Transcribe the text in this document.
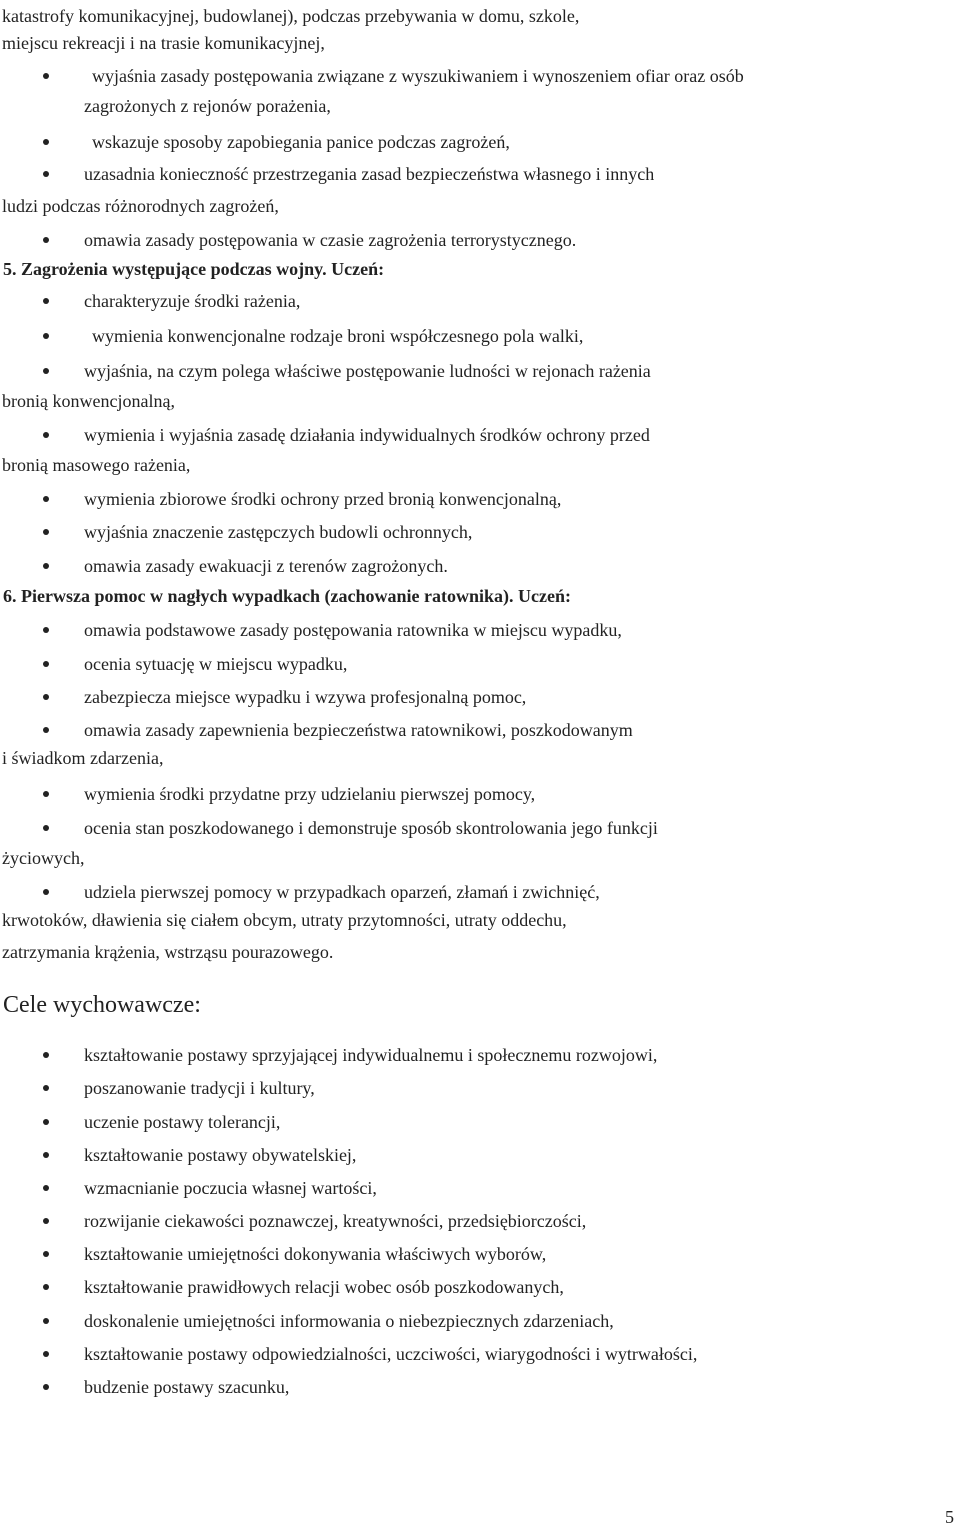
katastrofy komunikacyjnej, budowlanej), podczas przebywania w domu, szkole,
miejscu rekreacji i na trasie komunikacyjnej,
wyjaśnia zasady postępowania związane z wyszukiwaniem i wynoszeniem ofiar oraz osób
zagrożonych z rejonów porażenia,
wskazuje sposoby zapobiegania panice podczas zagrożeń,
uzasadnia konieczność przestrzegania zasad bezpieczeństwa własnego i innych
ludzi podczas różnorodnych zagrożeń,
omawia zasady postępowania w czasie zagrożenia terrorystycznego.
5. Zagrożenia występujące podczas wojny. Uczeń:
charakteryzuje środki rażenia,
wymienia konwencjonalne rodzaje broni współczesnego pola walki,
wyjaśnia, na czym polega właściwe postępowanie ludności w rejonach rażenia
bronią konwencjonalną,
wymienia i wyjaśnia zasadę działania indywidualnych środków ochrony przed
bronią masowego rażenia,
wymienia zbiorowe środki ochrony przed bronią konwencjonalną,
wyjaśnia znaczenie zastępczych budowli ochronnych,
omawia zasady ewakuacji z terenów zagrożonych.
6. Pierwsza pomoc w nagłych wypadkach (zachowanie ratownika). Uczeń:
omawia podstawowe zasady postępowania ratownika w miejscu wypadku,
ocenia sytuację w miejscu wypadku,
zabezpiecza miejsce wypadku i wzywa profesjonalną pomoc,
omawia zasady zapewnienia bezpieczeństwa ratownikowi, poszkodowanym
i świadkom zdarzenia,
wymienia środki przydatne przy udzielaniu pierwszej pomocy,
ocenia stan poszkodowanego i demonstruje sposób skontrolowania jego funkcji
życiowych,
udziela pierwszej pomocy w przypadkach oparzeń, złamań i zwichnięć,
krwotoków, dławienia się ciałem obcym, utraty przytomności, utraty oddechu,
zatrzymania krążenia, wstrząsu pourazowego.
Cele wychowawcze:
kształtowanie postawy sprzyjającej indywidualnemu i społecznemu rozwojowi,
poszanowanie tradycji i kultury,
uczenie postawy tolerancji,
kształtowanie postawy obywatelskiej,
wzmacnianie poczucia własnej wartości,
rozwijanie ciekawości poznawczej, kreatywności, przedsiębiorczości,
kształtowanie umiejętności dokonywania właściwych wyborów,
kształtowanie prawidłowych relacji wobec osób poszkodowanych,
doskonalenie umiejętności informowania o niebezpiecznych zdarzeniach,
kształtowanie postawy odpowiedzialności, uczciwości, wiarygodności i wytrwałości,
budzenie postawy szacunku,
5
